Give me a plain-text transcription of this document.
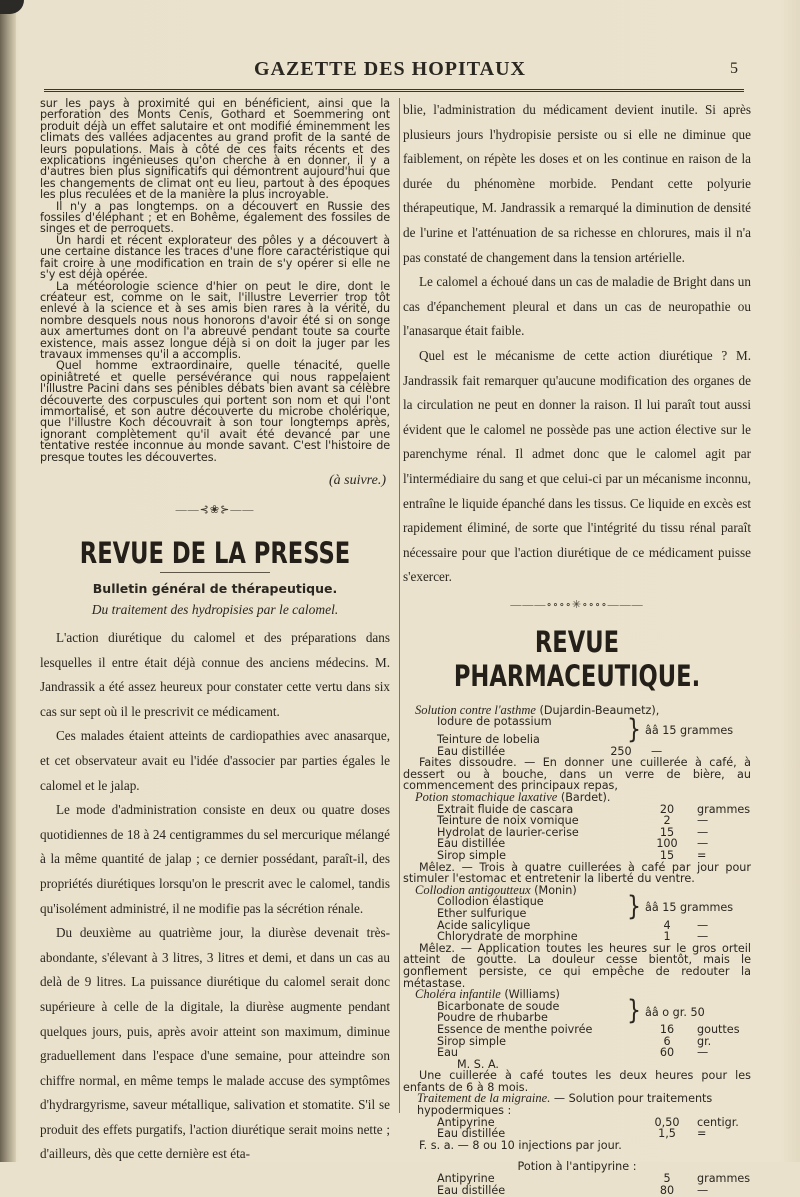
GAZETTE DES HOPITAUX	5

sur les pays à proximité qui en bénéficient, ainsi que la perforation des Monts Cenis, Gothard et Soemmering ont produit déjà un effet salutaire et ont modifié éminemment les climats des vallées adjacentes au grand profit de la santé de leurs populations. Mais à côté de ces faits récents et des explications ingénieuses qu'on cherche à en donner, il y a d'autres bien plus significatifs qui démontrent aujourd'hui que les changements de climat ont eu lieu, partout à des époques les plus reculées et de la manière la plus incroyable.

Il n'y a pas longtemps. on a découvert en Russie des fossiles d'éléphant ; et en Bohême, également des fossiles de singes et de perroquets.

Un hardi et récent explorateur des pôles y a découvert à une certaine distance les traces d'une flore caractéristique qui fait croire à une modification en train de s'y opérer si elle ne s'y est déjà opérée.

La météorologie science d'hier on peut le dire, dont le créateur est, comme on le sait, l'illustre Leverrier trop tôt enlevé à la science et à ses amis bien rares à la vérité, du nombre desquels nous nous honorons d'avoir été si on songe aux amertumes dont on l'a abreuvé pendant toute sa courte existence, mais assez longue déjà si on doit la juger par les travaux immenses qu'il a accomplis.

Quel homme extraordinaire, quelle ténacité, quelle opiniâtreté et quelle persévérance qui nous rappelaient l'illustre Pacini dans ses pénibles débats bien avant sa célèbre découverte des corpuscules qui portent son nom et qui l'ont immortalisé, et son autre découverte du microbe cholérique, que l'illustre Koch découvrait à son tour longtemps après, ignorant complètement qu'il avait été devancé par une tentative restée inconnue au monde savant. C'est l'histoire de presque toutes les découvertes.

(à suivre.)
——⊰❀⊱——
REVUE DE LA PRESSE
Bulletin général de thérapeutique.
Du traitement des hydropisies par le calomel.

L'action diurétique du calomel et des préparations dans lesquelles il entre était déjà connue des anciens médecins. M. Jandrassik a été assez heureux pour constater cette vertu dans six cas sur sept où il le prescrivit ce médicament.

Ces malades étaient atteints de cardiopathies avec anasarque, et cet observateur avait eu l'idée d'associer par parties égales le calomel et le jalap.

Le mode d'administration consiste en deux ou quatre doses quotidiennes de 18 à 24 centigrammes du sel mercurique mélangé à la même quantité de jalap ; ce dernier possédant, paraît-il, des propriétés diurétiques lorsqu'on le prescrit avec le calomel, tandis qu'isolément administré, il ne modifie pas la sécrétion rénale.

Du deuxième au quatrième jour, la diurèse devenait très-abondante, s'élevant à 3 litres, 3 litres et demi, et dans un cas au delà de 9 litres. La puissance diurétique du calomel serait donc supérieure à celle de la digitale, la diurèse augmente pendant quelques jours, puis, après avoir atteint son maximum, diminue graduellement dans l'espace d'une semaine, pour atteindre son chiffre normal, en même temps le malade accuse des symptômes d'hydrargyrisme, saveur métallique, salivation et stomatite. S'il se produit des effets purgatifs, l'action diurétique serait moins nette ; d'ailleurs, dès que cette dernière est éta-

blie, l'administration du médicament devient inutile. Si après plusieurs jours l'hydropisie persiste ou si elle ne diminue que faiblement, on répète les doses et on les continue en raison de la durée du phénomène morbide. Pendant cette polyurie thérapeutique, M. Jandrassik a remarqué la diminution de densité de l'urine et l'atténuation de sa richesse en chlorures, mais il n'a pas constaté de changement dans la tension artérielle.

Le calomel a échoué dans un cas de maladie de Bright dans un cas d'épanchement pleural et dans un cas de neuropathie ou l'anasarque était faible.

Quel est le mécanisme de cette action diurétique ? M. Jandrassik fait remarquer qu'aucune modification des organes de la circulation ne peut en donner la raison. Il lui paraît tout aussi évident que le calomel ne possède pas une action élective sur le parenchyme rénal. Il admet donc que le calomel agit par l'intermédiaire du sang et que celui-ci par un mécanisme inconnu, entraîne le liquide épanché dans les tissus. Ce liquide en excès est rapidement éliminé, de sorte que l'intégrité du tissu rénal paraît nécessaire pour que l'action diurétique de ce médicament puisse s'exercer.

———∘∘∘∘✳∘∘∘∘———
REVUE PHARMACEUTIQUE.
Solution contre l'asthme (Dujardin-Beaumetz),
Iodure de potassium
Teinture de lobelia	} ââ 15 grammes
Eau distillée	250	—

Faites dissoudre. — En donner une cuillerée à café, à dessert ou à bouche, dans un verre de bière, au commencement des principaux repas,

Potion stomachique laxative (Bardet).
Extrait fluide de cascara	20	grammes
Teinture de noix vomique	2	—
Hydrolat de laurier-cerise	15	—
Eau distillée	100	—
Sirop simple	15	=

Mêlez. — Trois à quatre cuillerées à café par jour pour stimuler l'estomac et entretenir la liberté du ventre.

Collodion antigoutteux (Monin)
Collodion élastique
Ether sulfurique	} ââ 15 grammes
Acide salicylique	4	—
Chlorydrate de morphine	1	—

Mêlez. — Application toutes les heures sur le gros orteil atteint de goutte. La douleur cesse bientôt, mais le gonflement persiste, ce qui empêche de redouter la métastase.

Choléra infantile (Williams)
Bicarbonate de soude
Poudre de rhubarbe	} ââ o gr. 50
Essence de menthe poivrée	16	gouttes
Sirop simple	6	gr.
Eau	60	—
M. S. A.

Une cuillerée à café toutes les deux heures pour les enfants de 6 à 8 mois.

Traitement de la migraine. — Solution pour traitements hypodermiques :
Antipyrine	0,50	centigr.
Eau distillée	1,5	=

F. s. a. — 8 ou 10 injections par jour.

Potion à l'antipyrine :
Antipyrine	5	grammes
Eau distillée	80	—
